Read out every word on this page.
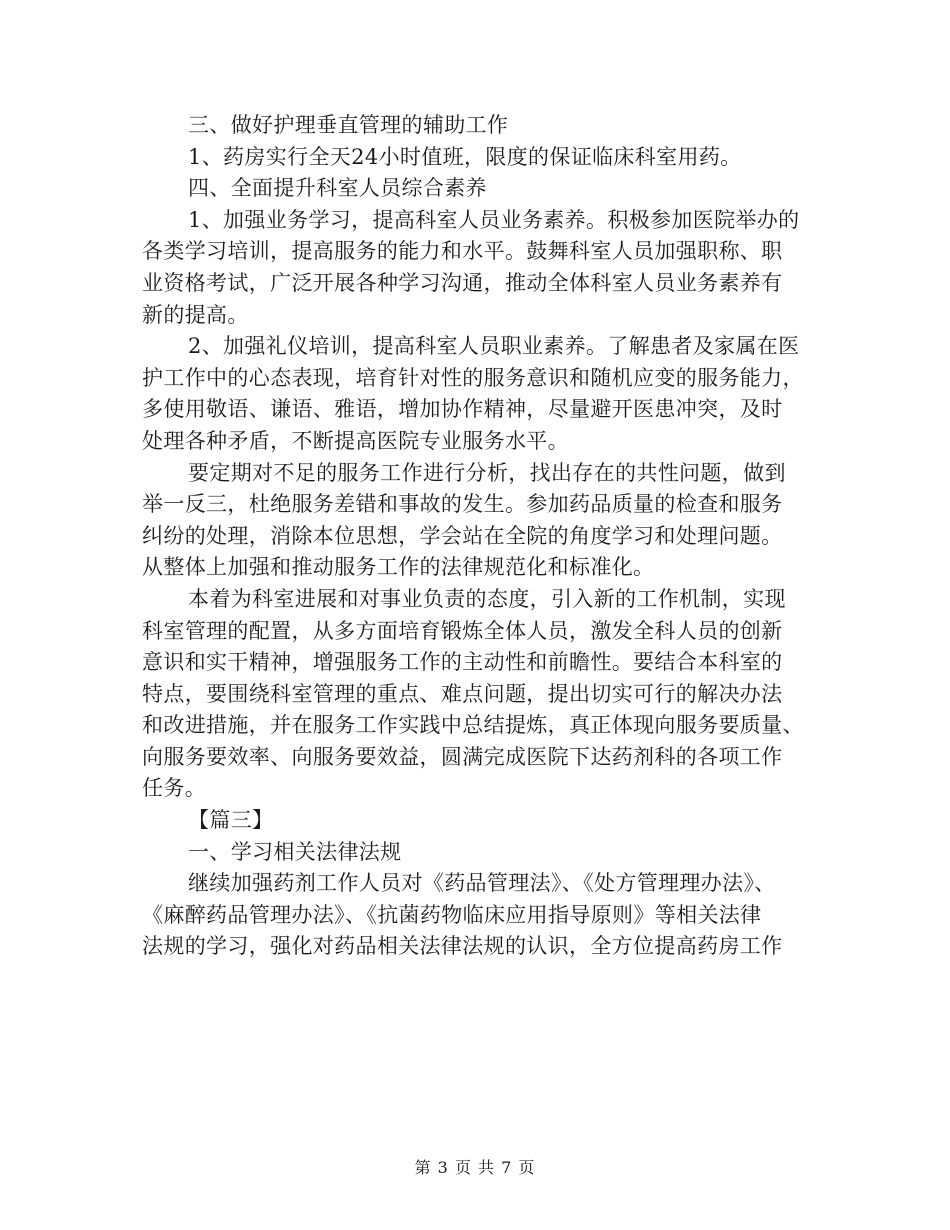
三、做好护理垂直管理的辅助工作
1、药房实行全天24小时值班，限度的保证临床科室用药。
四、全面提升科室人员综合素养
1、加强业务学习，提高科室人员业务素养。积极参加医院举办的
各类学习培训，提高服务的能力和水平。鼓舞科室人员加强职称、职
业资格考试，广泛开展各种学习沟通，推动全体科室人员业务素养有
新的提高。
2、加强礼仪培训，提高科室人员职业素养。了解患者及家属在医
护工作中的心态表现，培育针对性的服务意识和随机应变的服务能力，
多使用敬语、谦语、雅语，增加协作精神，尽量避开医患冲突，及时
处理各种矛盾，不断提高医院专业服务水平。
要定期对不足的服务工作进行分析，找出存在的共性问题，做到
举一反三，杜绝服务差错和事故的发生。参加药品质量的检查和服务
纠纷的处理，消除本位思想，学会站在全院的角度学习和处理问题。
从整体上加强和推动服务工作的法律规范化和标准化。
本着为科室进展和对事业负责的态度，引入新的工作机制，实现
科室管理的配置，从多方面培育锻炼全体人员，激发全科人员的创新
意识和实干精神，增强服务工作的主动性和前瞻性。要结合本科室的
特点，要围绕科室管理的重点、难点问题，提出切实可行的解决办法
和改进措施，并在服务工作实践中总结提炼，真正体现向服务要质量、
向服务要效率、向服务要效益，圆满完成医院下达药剂科的各项工作
任务。
【篇三】
一、学习相关法律法规
继续加强药剂工作人员对《药品管理法》、《处方管理理办法》、
《麻醉药品管理办法》、《抗菌药物临床应用指导原则》等相关法律
法规的学习，强化对药品相关法律法规的认识，全方位提高药房工作
第 3 页 共 7 页
